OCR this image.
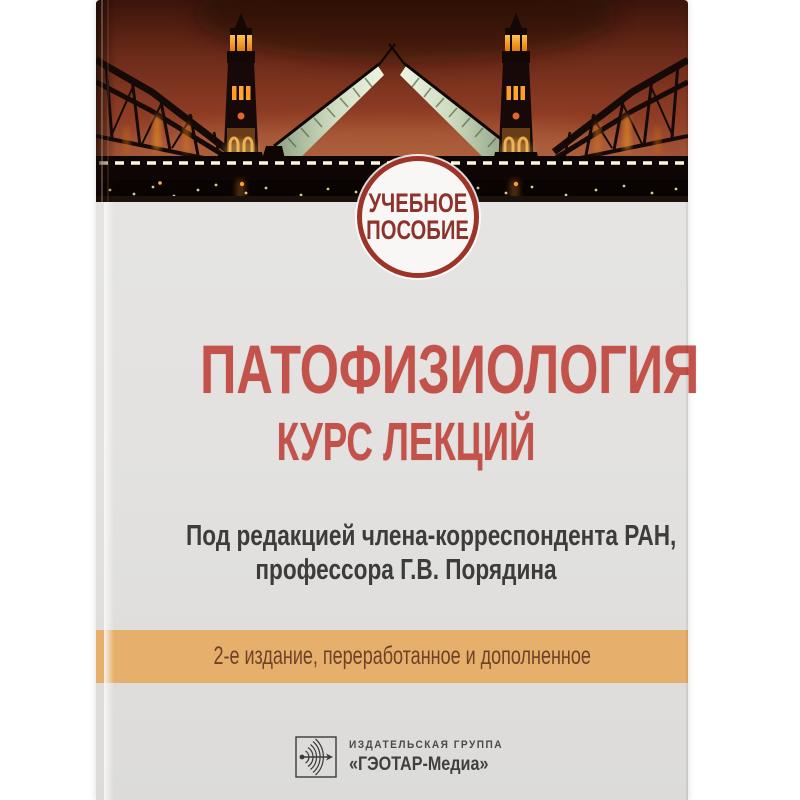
УЧЕБНОЕ
ПОСОБИЕ
ПАТОФИЗИОЛОГИЯ
КУРС ЛЕКЦИЙ
Под редакцией члена-корреспондента РАН,
профессора Г.В. Порядина
2-е издание, переработанное и дополненное
ИЗДАТЕЛЬСКАЯ ГРУППА
«ГЭОТАР-Медиа»
